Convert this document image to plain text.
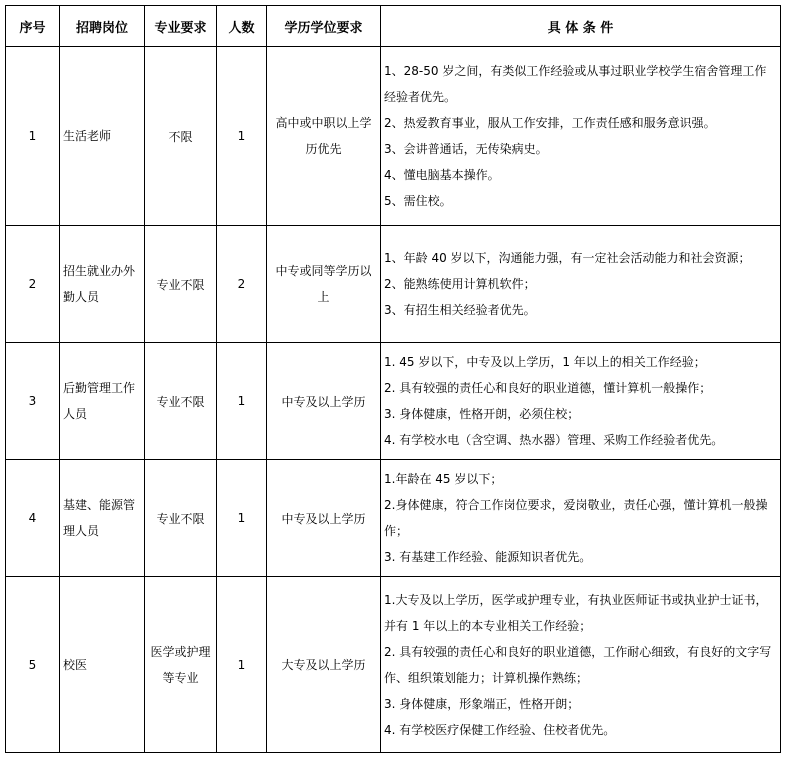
序号	招聘岗位	专业要求	人数	学历学位要求	具 体 条 件
1	生活老师	不限	1	高中或中职以上学历优先	1、28-50 岁之间，有类似工作经验或从事过职业学校学生宿舍管理工作经验者优先。

2、热爱教育事业，服从工作安排，工作责任感和服务意识强。

3、会讲普通话，无传染病史。

4、懂电脑基本操作。

5、需住校。

2	招生就业办外勤人员	专业不限	2	中专或同等学历以上	1、年龄 40 岁以下，沟通能力强，有一定社会活动能力和社会资源；

2、能熟练使用计算机软件；

3、有招生相关经验者优先。

3	后勤管理工作人员	专业不限	1	中专及以上学历	1. 45 岁以下，中专及以上学历，1 年以上的相关工作经验；

2. 具有较强的责任心和良好的职业道德，懂计算机一般操作；

3. 身体健康，性格开朗，必须住校；

4. 有学校水电（含空调、热水器）管理、采购工作经验者优先。

4	基建、能源管理人员	专业不限	1	中专及以上学历	1.年龄在 45 岁以下；

2.身体健康，符合工作岗位要求，爱岗敬业，责任心强，懂计算机一般操作；

3. 有基建工作经验、能源知识者优先。

5	校医	医学或护理等专业	1	大专及以上学历	1.大专及以上学历，医学或护理专业，有执业医师证书或执业护士证书，并有 1 年以上的本专业相关工作经验；

2. 具有较强的责任心和良好的职业道德，工作耐心细致，有良好的文字写作、组织策划能力；计算机操作熟练；

3. 身体健康，形象端正，性格开朗；

4. 有学校医疗保健工作经验、住校者优先。
